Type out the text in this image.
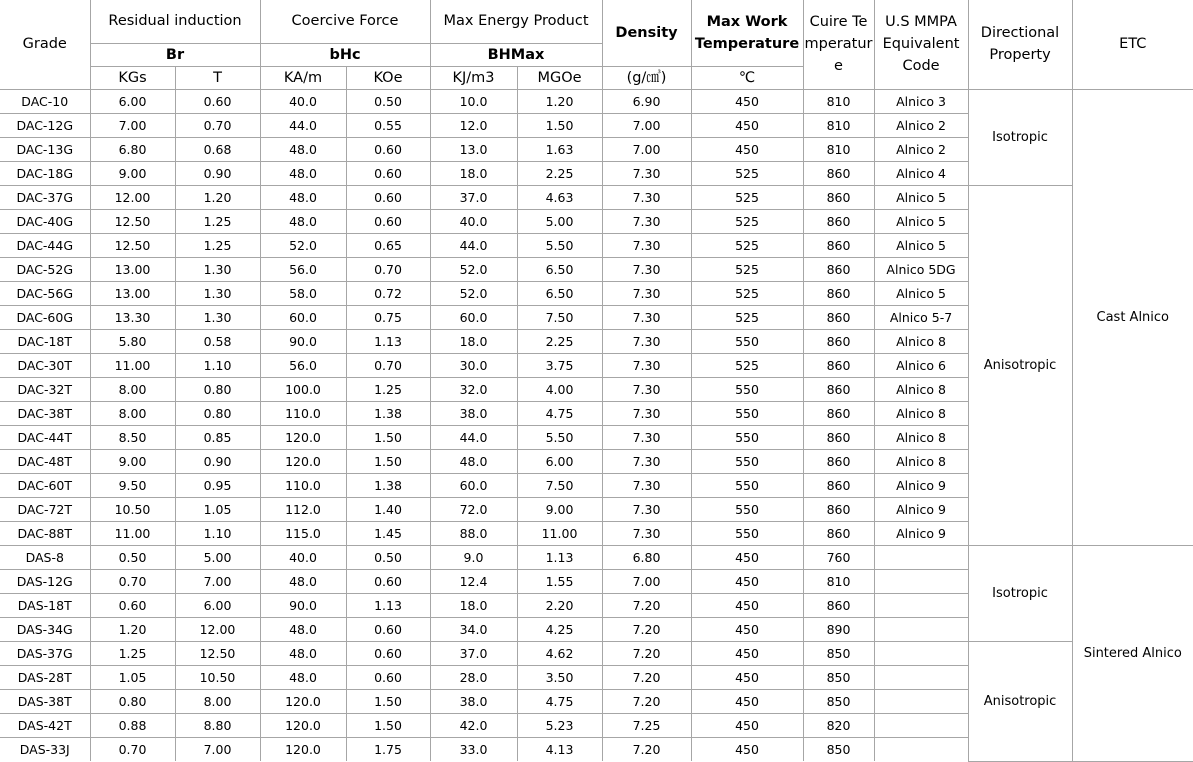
Grade	Residual induction		Coercive Force		Max Energy Product		Density	Max Work Temperature	Cuire Temperature	U.S MMPA Equivalent Code	Directional Property	ETC
	Br		bHc		BHMax							
	KGs	T	KA/m	KOe	KJ/m3	MGOe	(g/㎤)	℃				
DAC-10	6.00	0.60	40.0	0.50	10.0	1.20	6.90	450	810	Alnico 3	Isotropic	Cast Alnico
DAC-12G	7.00	0.70	44.0	0.55	12.0	1.50	7.00	450	810	Alnico 2		
DAC-13G	6.80	0.68	48.0	0.60	13.0	1.63	7.00	450	810	Alnico 2		
DAC-18G	9.00	0.90	48.0	0.60	18.0	2.25	7.30	525	860	Alnico 4		
DAC-37G	12.00	1.20	48.0	0.60	37.0	4.63	7.30	525	860	Alnico 5	Anisotropic	
DAC-40G	12.50	1.25	48.0	0.60	40.0	5.00	7.30	525	860	Alnico 5		
DAC-44G	12.50	1.25	52.0	0.65	44.0	5.50	7.30	525	860	Alnico 5		
DAC-52G	13.00	1.30	56.0	0.70	52.0	6.50	7.30	525	860	Alnico 5DG		
DAC-56G	13.00	1.30	58.0	0.72	52.0	6.50	7.30	525	860	Alnico 5		
DAC-60G	13.30	1.30	60.0	0.75	60.0	7.50	7.30	525	860	Alnico 5-7		
DAC-18T	5.80	0.58	90.0	1.13	18.0	2.25	7.30	550	860	Alnico 8		
DAC-30T	11.00	1.10	56.0	0.70	30.0	3.75	7.30	525	860	Alnico 6		
DAC-32T	8.00	0.80	100.0	1.25	32.0	4.00	7.30	550	860	Alnico 8		
DAC-38T	8.00	0.80	110.0	1.38	38.0	4.75	7.30	550	860	Alnico 8		
DAC-44T	8.50	0.85	120.0	1.50	44.0	5.50	7.30	550	860	Alnico 8		
DAC-48T	9.00	0.90	120.0	1.50	48.0	6.00	7.30	550	860	Alnico 8		
DAC-60T	9.50	0.95	110.0	1.38	60.0	7.50	7.30	550	860	Alnico 9		
DAC-72T	10.50	1.05	112.0	1.40	72.0	9.00	7.30	550	860	Alnico 9		
DAC-88T	11.00	1.10	115.0	1.45	88.0	11.00	7.30	550	860	Alnico 9		
DAS-8	0.50	5.00	40.0	0.50	9.0	1.13	6.80	450	760		Isotropic	Sintered Alnico
DAS-12G	0.70	7.00	48.0	0.60	12.4	1.55	7.00	450	810			
DAS-18T	0.60	6.00	90.0	1.13	18.0	2.20	7.20	450	860			
DAS-34G	1.20	12.00	48.0	0.60	34.0	4.25	7.20	450	890			
DAS-37G	1.25	12.50	48.0	0.60	37.0	4.62	7.20	450	850		Anisotropic	
DAS-28T	1.05	10.50	48.0	0.60	28.0	3.50	7.20	450	850			
DAS-38T	0.80	8.00	120.0	1.50	38.0	4.75	7.20	450	850			
DAS-42T	0.88	8.80	120.0	1.50	42.0	5.23	7.25	450	820			
DAS-33J	0.70	7.00	120.0	1.75	33.0	4.13	7.20	450	850			
